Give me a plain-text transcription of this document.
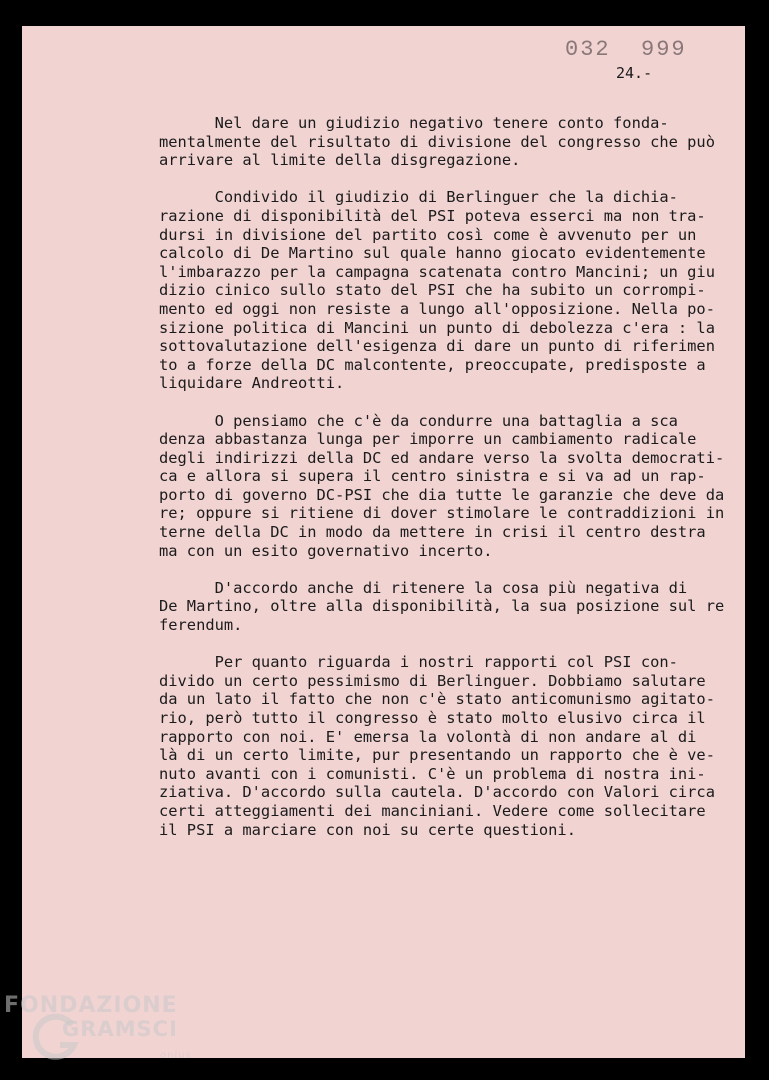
032  999
24.-
Nel dare un giudizio negativo tenere conto fonda-
mentalmente del risultato di divisione del congresso che può
arrivare al limite della disgregazione.
Condivido il giudizio di Berlinguer che la dichia-
razione di disponibilità del PSI poteva esserci ma non tra-
dursi in divisione del partito così come è avvenuto per un
calcolo di De Martino sul quale hanno giocato evidentemente
l'imbarazzo per la campagna scatenata contro Mancini; un giu
dizio cinico sullo stato del PSI che ha subito un corrompi-
mento ed oggi non resiste a lungo all'opposizione. Nella po-
sizione politica di Mancini un punto di debolezza c'era : la
sottovalutazione dell'esigenza di dare un punto di riferimen
to a forze della DC malcontente, preoccupate, predisposte a
liquidare Andreotti.
O pensiamo che c'è da condurre una battaglia a sca
denza abbastanza lunga per imporre un cambiamento radicale
degli indirizzi della DC ed andare verso la svolta democrati-
ca e allora si supera il centro sinistra e si va ad un rap-
porto di governo DC-PSI che dia tutte le garanzie che deve da
re; oppure si ritiene di dover stimolare le contraddizioni in
terne della DC in modo da mettere in crisi il centro destra
ma con un esito governativo incerto.
D'accordo anche di ritenere la cosa più negativa di
De Martino, oltre alla disponibilità, la sua posizione sul re
ferendum.
Per quanto riguarda i nostri rapporti col PSI con-
divido un certo pessimismo di Berlinguer. Dobbiamo salutare
da un lato il fatto che non c'è stato anticomunismo agitato-
rio, però tutto il congresso è stato molto elusivo circa il
rapporto con noi. E' emersa la volontà di non andare al di
là di un certo limite, pur presentando un rapporto che è ve-
nuto avanti con i comunisti. C'è un problema di nostra ini-
ziativa. D'accordo sulla cautela. D'accordo con Valori circa
certi atteggiamenti dei manciniani. Vedere come sollecitare
il PSI a marciare con noi su certe questioni.
FONDAZIONE
GRAMSCI
onlus
